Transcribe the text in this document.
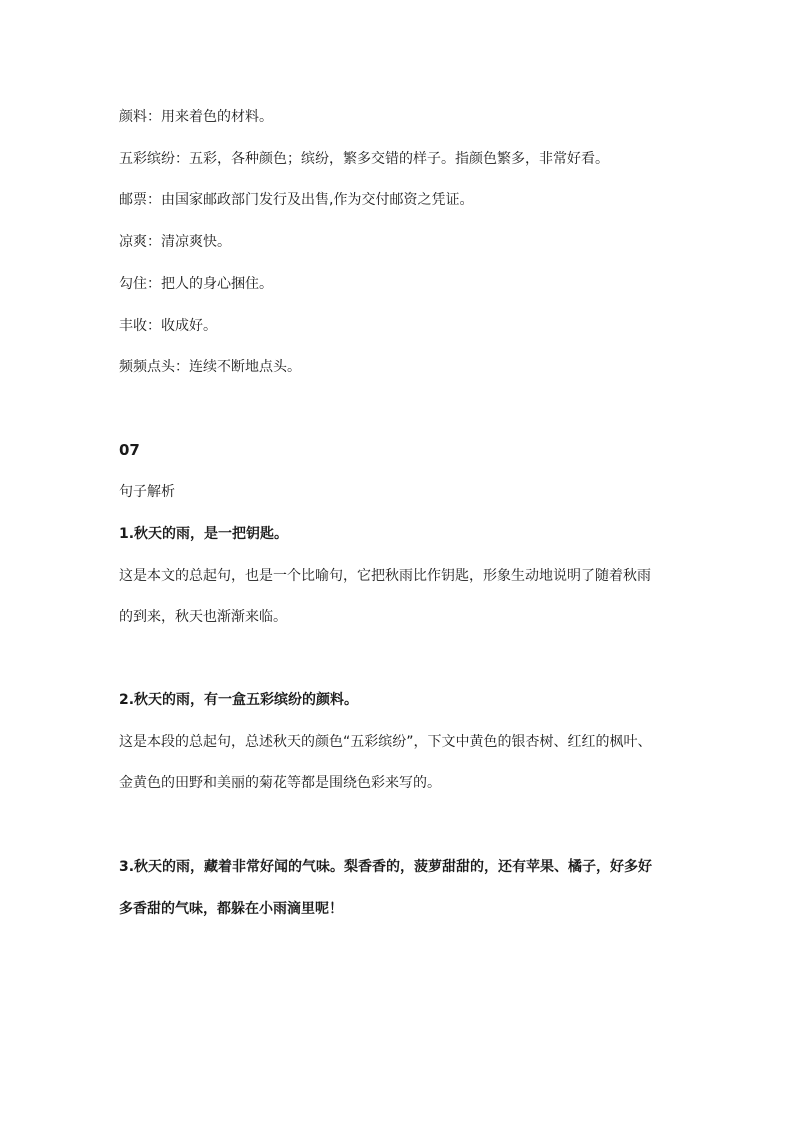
颜料：用来着色的材料。
五彩缤纷：五彩，各种颜色；缤纷，繁多交错的样子。指颜色繁多，非常好看。
邮票：由国家邮政部门发行及出售,作为交付邮资之凭证。
凉爽：清凉爽快。
勾住：把人的身心捆住。
丰收：收成好。
频频点头：连续不断地点头。
07
句子解析
1.秋天的雨，是一把钥匙。
这是本文的总起句，也是一个比喻句，它把秋雨比作钥匙，形象生动地说明了随着秋雨
的到来，秋天也渐渐来临。
2.秋天的雨，有一盒五彩缤纷的颜料。
这是本段的总起句，总述秋天的颜色“五彩缤纷”，下文中黄色的银杏树、红红的枫叶、
金黄色的田野和美丽的菊花等都是围绕色彩来写的。
3.秋天的雨，藏着非常好闻的气味。梨香香的，菠萝甜甜的，还有苹果、橘子，好多好
多香甜的气味，都躲在小雨滴里呢！
